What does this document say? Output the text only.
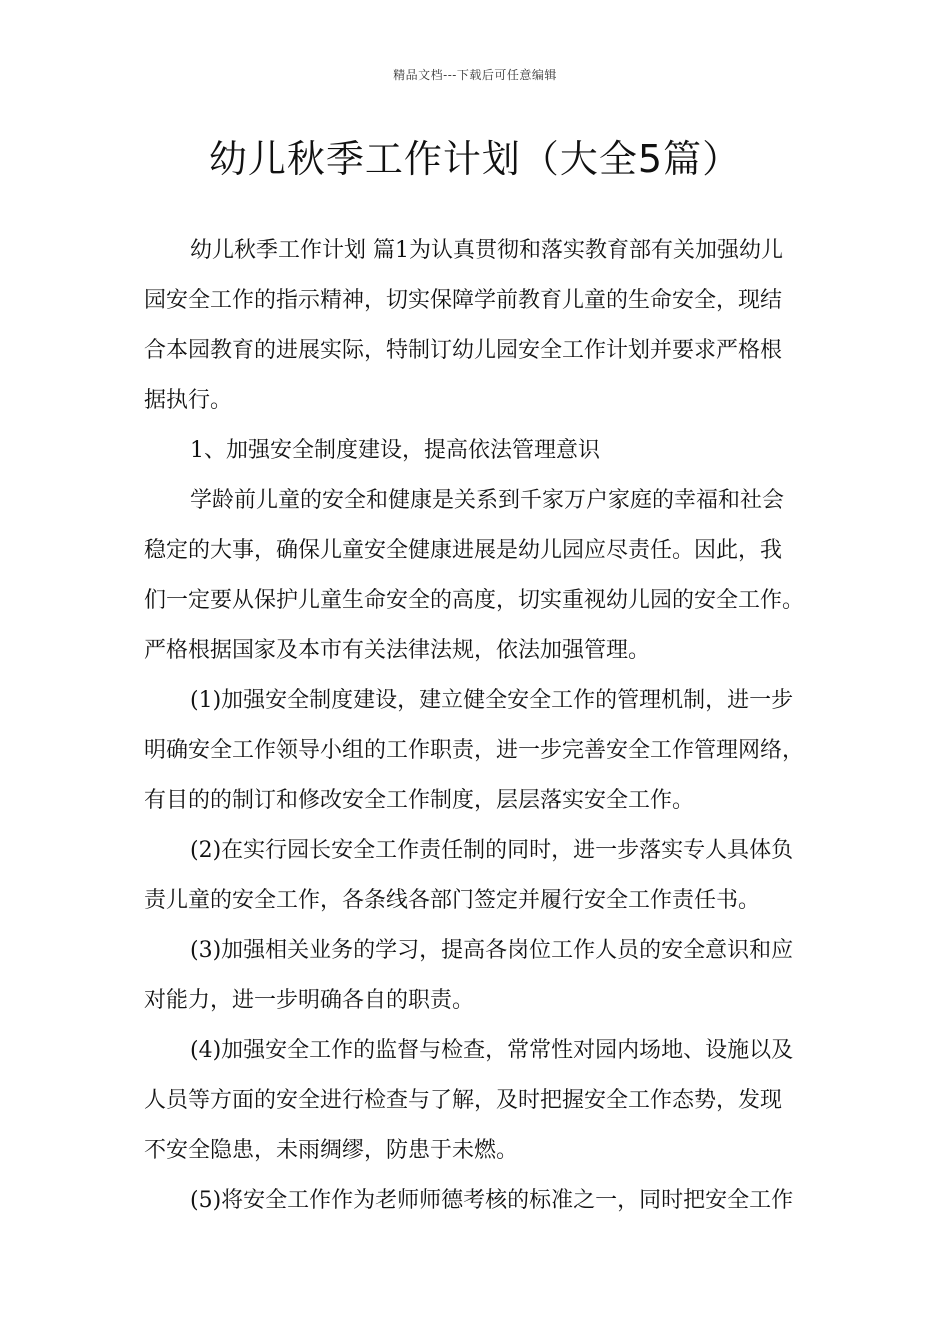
精品文档---下载后可任意编辑
幼儿秋季工作计划（大全5篇）
幼儿秋季工作计划 篇1为认真贯彻和落实教育部有关加强幼儿
园安全工作的指示精神，切实保障学前教育儿童的生命安全，现结
合本园教育的进展实际，特制订幼儿园安全工作计划并要求严格根
据执行。
1、加强安全制度建设，提高依法管理意识
学龄前儿童的安全和健康是关系到千家万户家庭的幸福和社会
稳定的大事，确保儿童安全健康进展是幼儿园应尽责任。因此，我
们一定要从保护儿童生命安全的高度，切实重视幼儿园的安全工作。
严格根据国家及本市有关法律法规，依法加强管理。
(1)加强安全制度建设，建立健全安全工作的管理机制，进一步
明确安全工作领导小组的工作职责，进一步完善安全工作管理网络，
有目的的制订和修改安全工作制度，层层落实安全工作。
(2)在实行园长安全工作责任制的同时，进一步落实专人具体负
责儿童的安全工作，各条线各部门签定并履行安全工作责任书。
(3)加强相关业务的学习，提高各岗位工作人员的安全意识和应
对能力，进一步明确各自的职责。
(4)加强安全工作的监督与检查，常常性对园内场地、设施以及
人员等方面的安全进行检查与了解，及时把握安全工作态势，发现
不安全隐患，未雨绸缪，防患于未燃。
(5)将安全工作作为老师师德考核的标准之一，同时把安全工作
